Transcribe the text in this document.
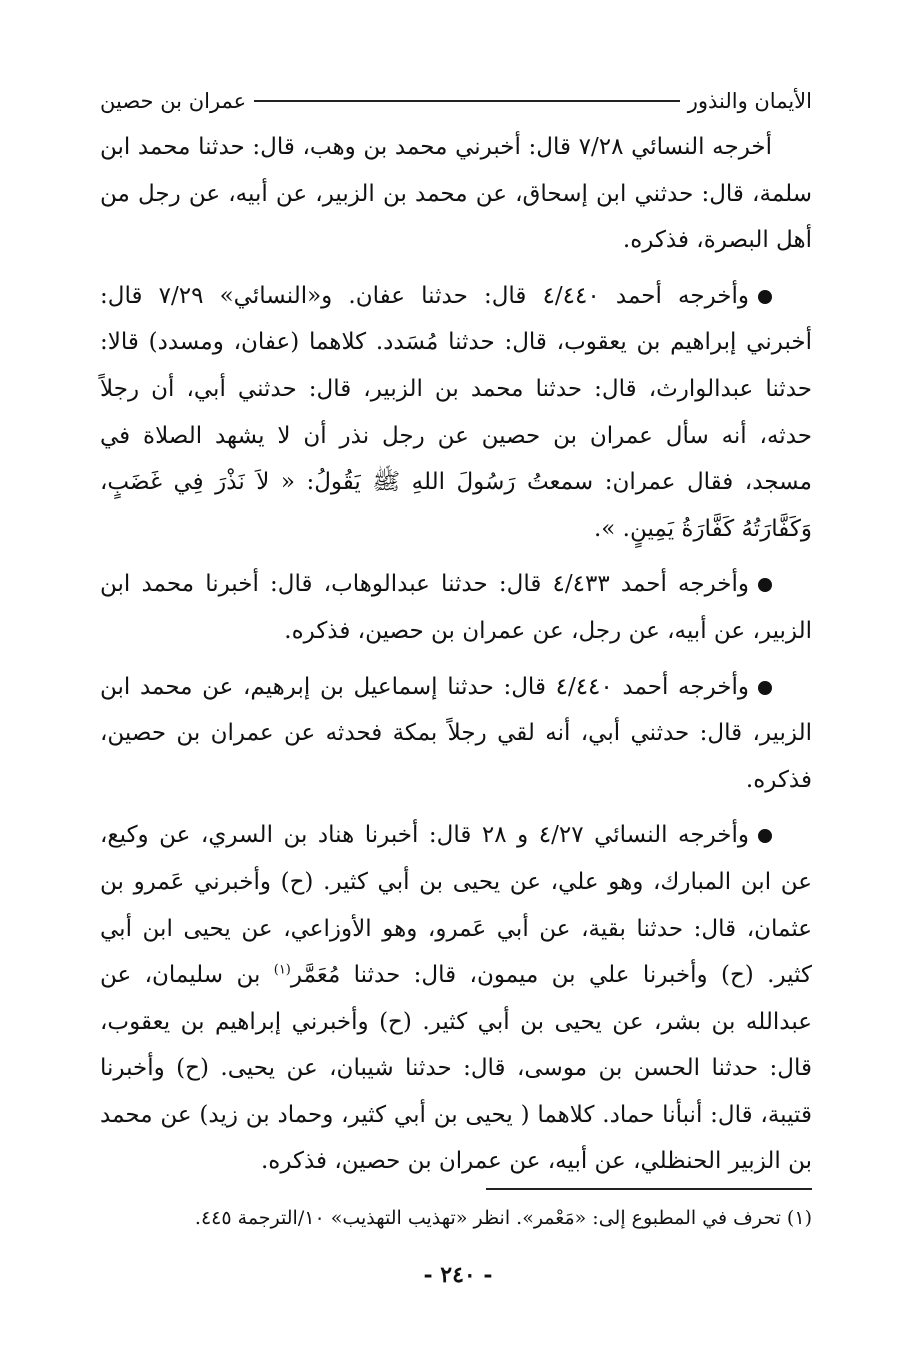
الأيمان والنذور
عمران بن حصين

أخرجه النسائي ٧/٢٨ قال: أخبرني محمد بن وهب، قال: حدثنا محمد ابن سلمة، قال: حدثني ابن إسحاق، عن محمد بن الزبير، عن أبيه، عن رجل من أهل البصرة، فذكره.

وأخرجه أحمد ٤/٤٤٠ قال: حدثنا عفان. و«النسائي» ٧/٢٩ قال: أخبرني إبراهيم بن يعقوب، قال: حدثنا مُسَدد. كلاهما (عفان، ومسدد) قالا: حدثنا عبدالوارث، قال: حدثنا محمد بن الزبير، قال: حدثني أبي، أن رجلاً حدثه، أنه سأل عمران بن حصين عن رجل نذر أن لا يشهد الصلاة في مسجد، فقال عمران: سمعتُ رَسُولَ اللهِ ﷺ يَقُولُ: « لاَ نَذْرَ فِي غَضَبٍ، وَكَفَّارَتُهُ كَفَّارَةُ يَمِينٍ. ».

وأخرجه أحمد ٤/٤٣٣ قال: حدثنا عبدالوهاب، قال: أخبرنا محمد ابن الزبير، عن أبيه، عن رجل، عن عمران بن حصين، فذكره.

وأخرجه أحمد ٤/٤٤٠ قال: حدثنا إسماعيل بن إبرهيم، عن محمد ابن الزبير، قال: حدثني أبي، أنه لقي رجلاً بمكة فحدثه عن عمران بن حصين، فذكره.

وأخرجه النسائي ٤/٢٧ و ٢٨ قال: أخبرنا هناد بن السري، عن وكيع، عن ابن المبارك، وهو علي، عن يحيى بن أبي كثير. (ح) وأخبرني عَمرو بن عثمان، قال: حدثنا بقية، عن أبي عَمرو، وهو الأوزاعي، عن يحيى ابن أبي كثير. (ح) وأخبرنا علي بن ميمون، قال: حدثنا مُعَمَّر$^{(١)}$ بن سليمان، عن عبدالله بن بشر، عن يحيى بن أبي كثير. (ح) وأخبرني إبراهيم بن يعقوب، قال: حدثنا الحسن بن موسى، قال: حدثنا شيبان، عن يحيى. (ح) وأخبرنا قتيبة، قال: أنبأنا حماد. كلاهما ( يحيى بن أبي كثير، وحماد بن زيد) عن محمد بن الزبير الحنظلي، عن أبيه، عن عمران بن حصين، فذكره.

(١) تحرف في المطبوع إلى: «مَعْمر». انظر «تهذيب التهذيب» ١٠/الترجمة ٤٤٥.
- ٢٤٠ -
